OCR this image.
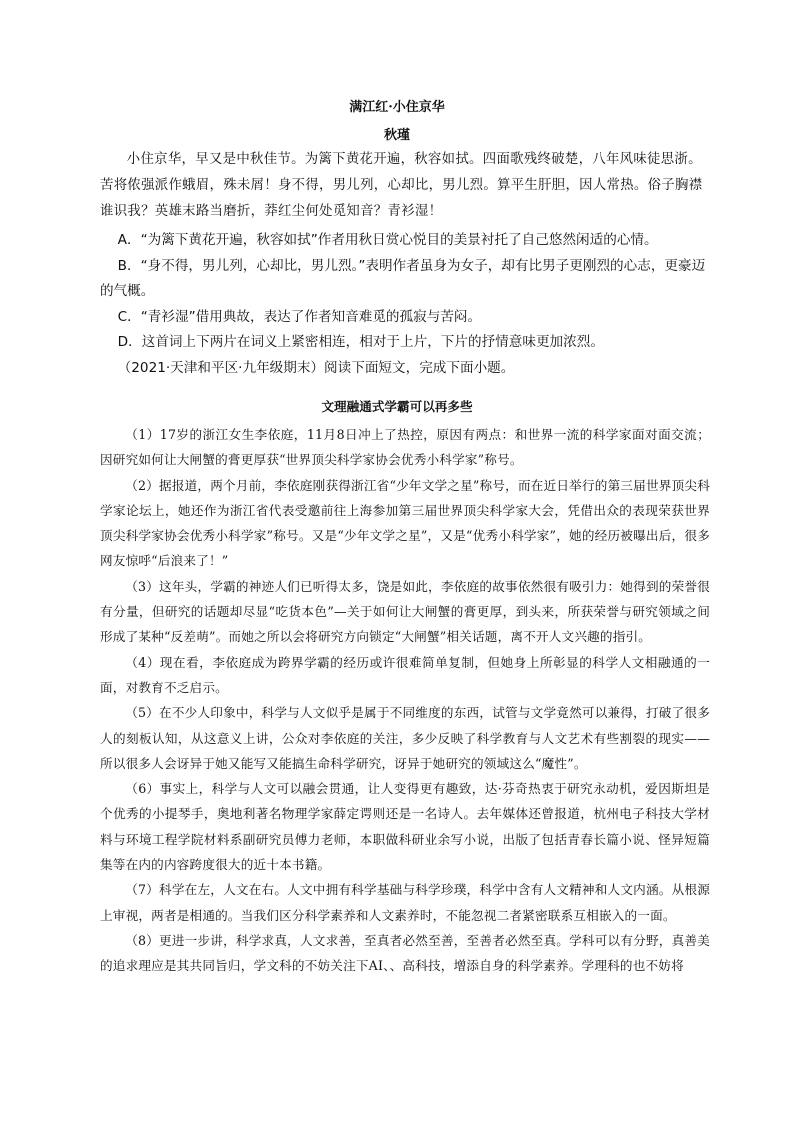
满江红·小住京华
秋瑾
小住京华，早又是中秋佳节。为篱下黄花开遍，秋容如拭。四面歌残终破楚，八年风味徒思浙。苦将侬强派作蛾眉，殊未屑！身不得，男儿列，心却比，男儿烈。算平生肝胆，因人常热。俗子胸襟谁识我？英雄末路当磨折，莽红尘何处觅知音？青衫湿！

A．“为篱下黄花开遍，秋容如拭”作者用秋日赏心悦目的美景衬托了自己悠然闲适的心情。

B．“身不得，男儿列，心却比，男儿烈。”表明作者虽身为女子，却有比男子更刚烈的心志，更豪迈的气概。

C．“青衫湿”借用典故，表达了作者知音难觅的孤寂与苦闷。

D．这首词上下两片在词义上紧密相连，相对于上片，下片的抒情意味更加浓烈。

（2021·天津和平区·九年级期末）阅读下面短文，完成下面小题。

文理融通式学霸可以再多些

（1）17岁的浙江女生李依庭，11月8日冲上了热控，原因有两点：和世界一流的科学家面对面交流；因研究如何让大闸蟹的膏更厚获“世界顶尖科学家协会优秀小科学家”称号。

（2）据报道，两个月前，李依庭刚获得浙江省“少年文学之星”称号，而在近日举行的第三届世界顶尖科学家论坛上，她还作为浙江省代表受邀前往上海参加第三届世界顶尖科学家大会，凭借出众的表现荣获世界顶尖科学家协会优秀小科学家”称号。又是“少年文学之星”，又是“优秀小科学家”，她的经历被曝出后，很多网友惊呼“后浪来了！”

（3）这年头，学霸的神迹人们已听得太多，饶是如此，李依庭的故事依然很有吸引力：她得到的荣誉很有分量，但研究的话题却尽显“吃货本色”—关于如何让大闸蟹的膏更厚，到头来，所获荣誉与研究领域之间形成了某种“反差萌”。而她之所以会将研究方向锁定“大闸蟹”相关话题，离不开人文兴趣的指引。

（4）现在看，李依庭成为跨界学霸的经历或许很难简单复制，但她身上所彰显的科学人文相融通的一面，对教育不乏启示。

（5）在不少人印象中，科学与人文似乎是属于不同维度的东西，试管与文学竟然可以兼得，打破了很多人的刻板认知，从这意义上讲，公众对李依庭的关注，多少反映了科学教育与人文艺术有些割裂的现实——所以很多人会讶异于她又能写又能搞生命科学研究，讶异于她研究的领域这么“魔性”。

（6）事实上，科学与人文可以融会贯通，让人变得更有趣致，达·芬奇热衷于研究永动机，爱因斯坦是个优秀的小提琴手，奥地利著名物理学家薛定谔则还是一名诗人。去年媒体还曾报道，杭州电子科技大学材料与环境工程学院材料系副研究员傅力老师，本职做科研业余写小说，出版了包括青春长篇小说、怪异短篇集等在内的内容跨度很大的近十本书籍。

（7）科学在左，人文在右。人文中拥有科学基础与科学珍璞，科学中含有人文精神和人文内涵。从根源上审视，两者是相通的。当我们区分科学素养和人文素养时，不能忽视二者紧密联系互相嵌入的一面。

（8）更进一步讲，科学求真，人文求善，至真者必然至善，至善者必然至真。学科可以有分野，真善美的追求理应是其共同旨归，学文科的不妨关注下AI、、高科技，增添自身的科学素养。学理科的也不妨将
